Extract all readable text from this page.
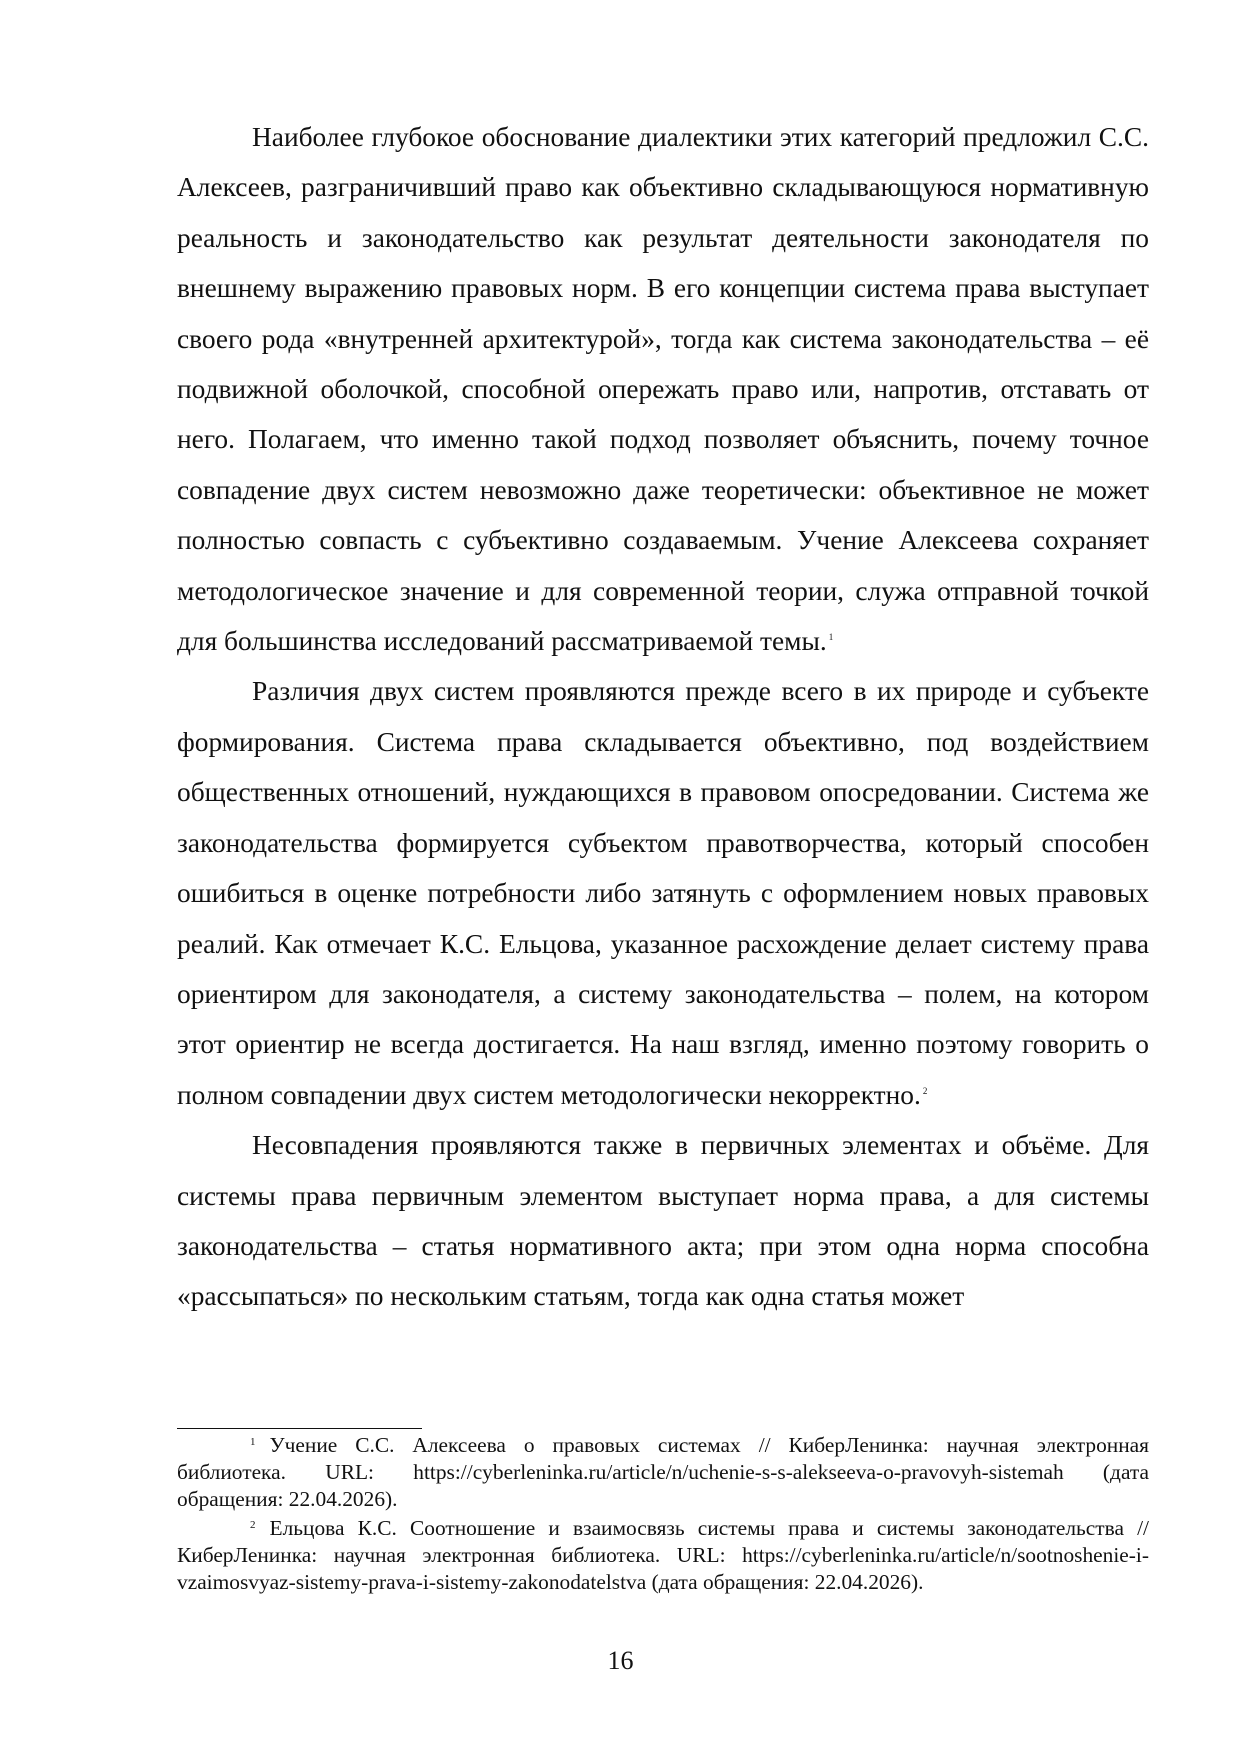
Наиболее глубокое обоснование диалектики этих категорий предложил С.С. Алексеев, разграничивший право как объективно складывающуюся нормативную реальность и законодательство как результат деятельности законодателя по внешнему выражению правовых норм. В его концепции система права выступает своего рода «внутренней архитектурой», тогда как система законодательства – её подвижной оболочкой, способной опережать право или, напротив, отставать от него. Полагаем, что именно такой подход позволяет объяснить, почему точное совпадение двух систем невозможно даже теоретически: объективное не может полностью совпасть с субъективно создаваемым. Учение Алексеева сохраняет методологическое значение и для современной теории, служа отправной точкой для большинства исследований рассматриваемой темы. $^1$

Различия двух систем проявляются прежде всего в их природе и субъекте формирования. Система права складывается объективно, под воздействием общественных отношений, нуждающихся в правовом опосредовании. Система же законодательства формируется субъектом правотворчества, который способен ошибиться в оценке потребности либо затянуть с оформлением новых правовых реалий. Как отмечает К.С. Ельцова, указанное расхождение делает систему права ориентиром для законодателя, а систему законодательства – полем, на котором этот ориентир не всегда достигается. На наш взгляд, именно поэтому говорить о полном совпадении двух систем методологически некорректно. $^2$

Несовпадения проявляются также в первичных элементах и объёме. Для системы права первичным элементом выступает норма права, а для системы законодательства – статья нормативного акта; при этом одна норма способна «рассыпаться» по нескольким статьям, тогда как одна статья может

$^1$ Учение С.С. Алексеева о правовых системах // КиберЛенинка: научная электронная библиотека. URL: https://cyberleninka.ru/article/n/uchenie-s-s-alekseeva-o-pravovyh-sistemah (дата обращения: 22.04.2026).

$^2$ Ельцова К.С. Соотношение и взаимосвязь системы права и системы законодательства // КиберЛенинка: научная электронная библиотека. URL: https://cyberleninka.ru/article/n/sootnoshenie-i-vzaimosvyaz-sistemy-prava-i-sistemy-zakonodatelstva (дата обращения: 22.04.2026).

16
